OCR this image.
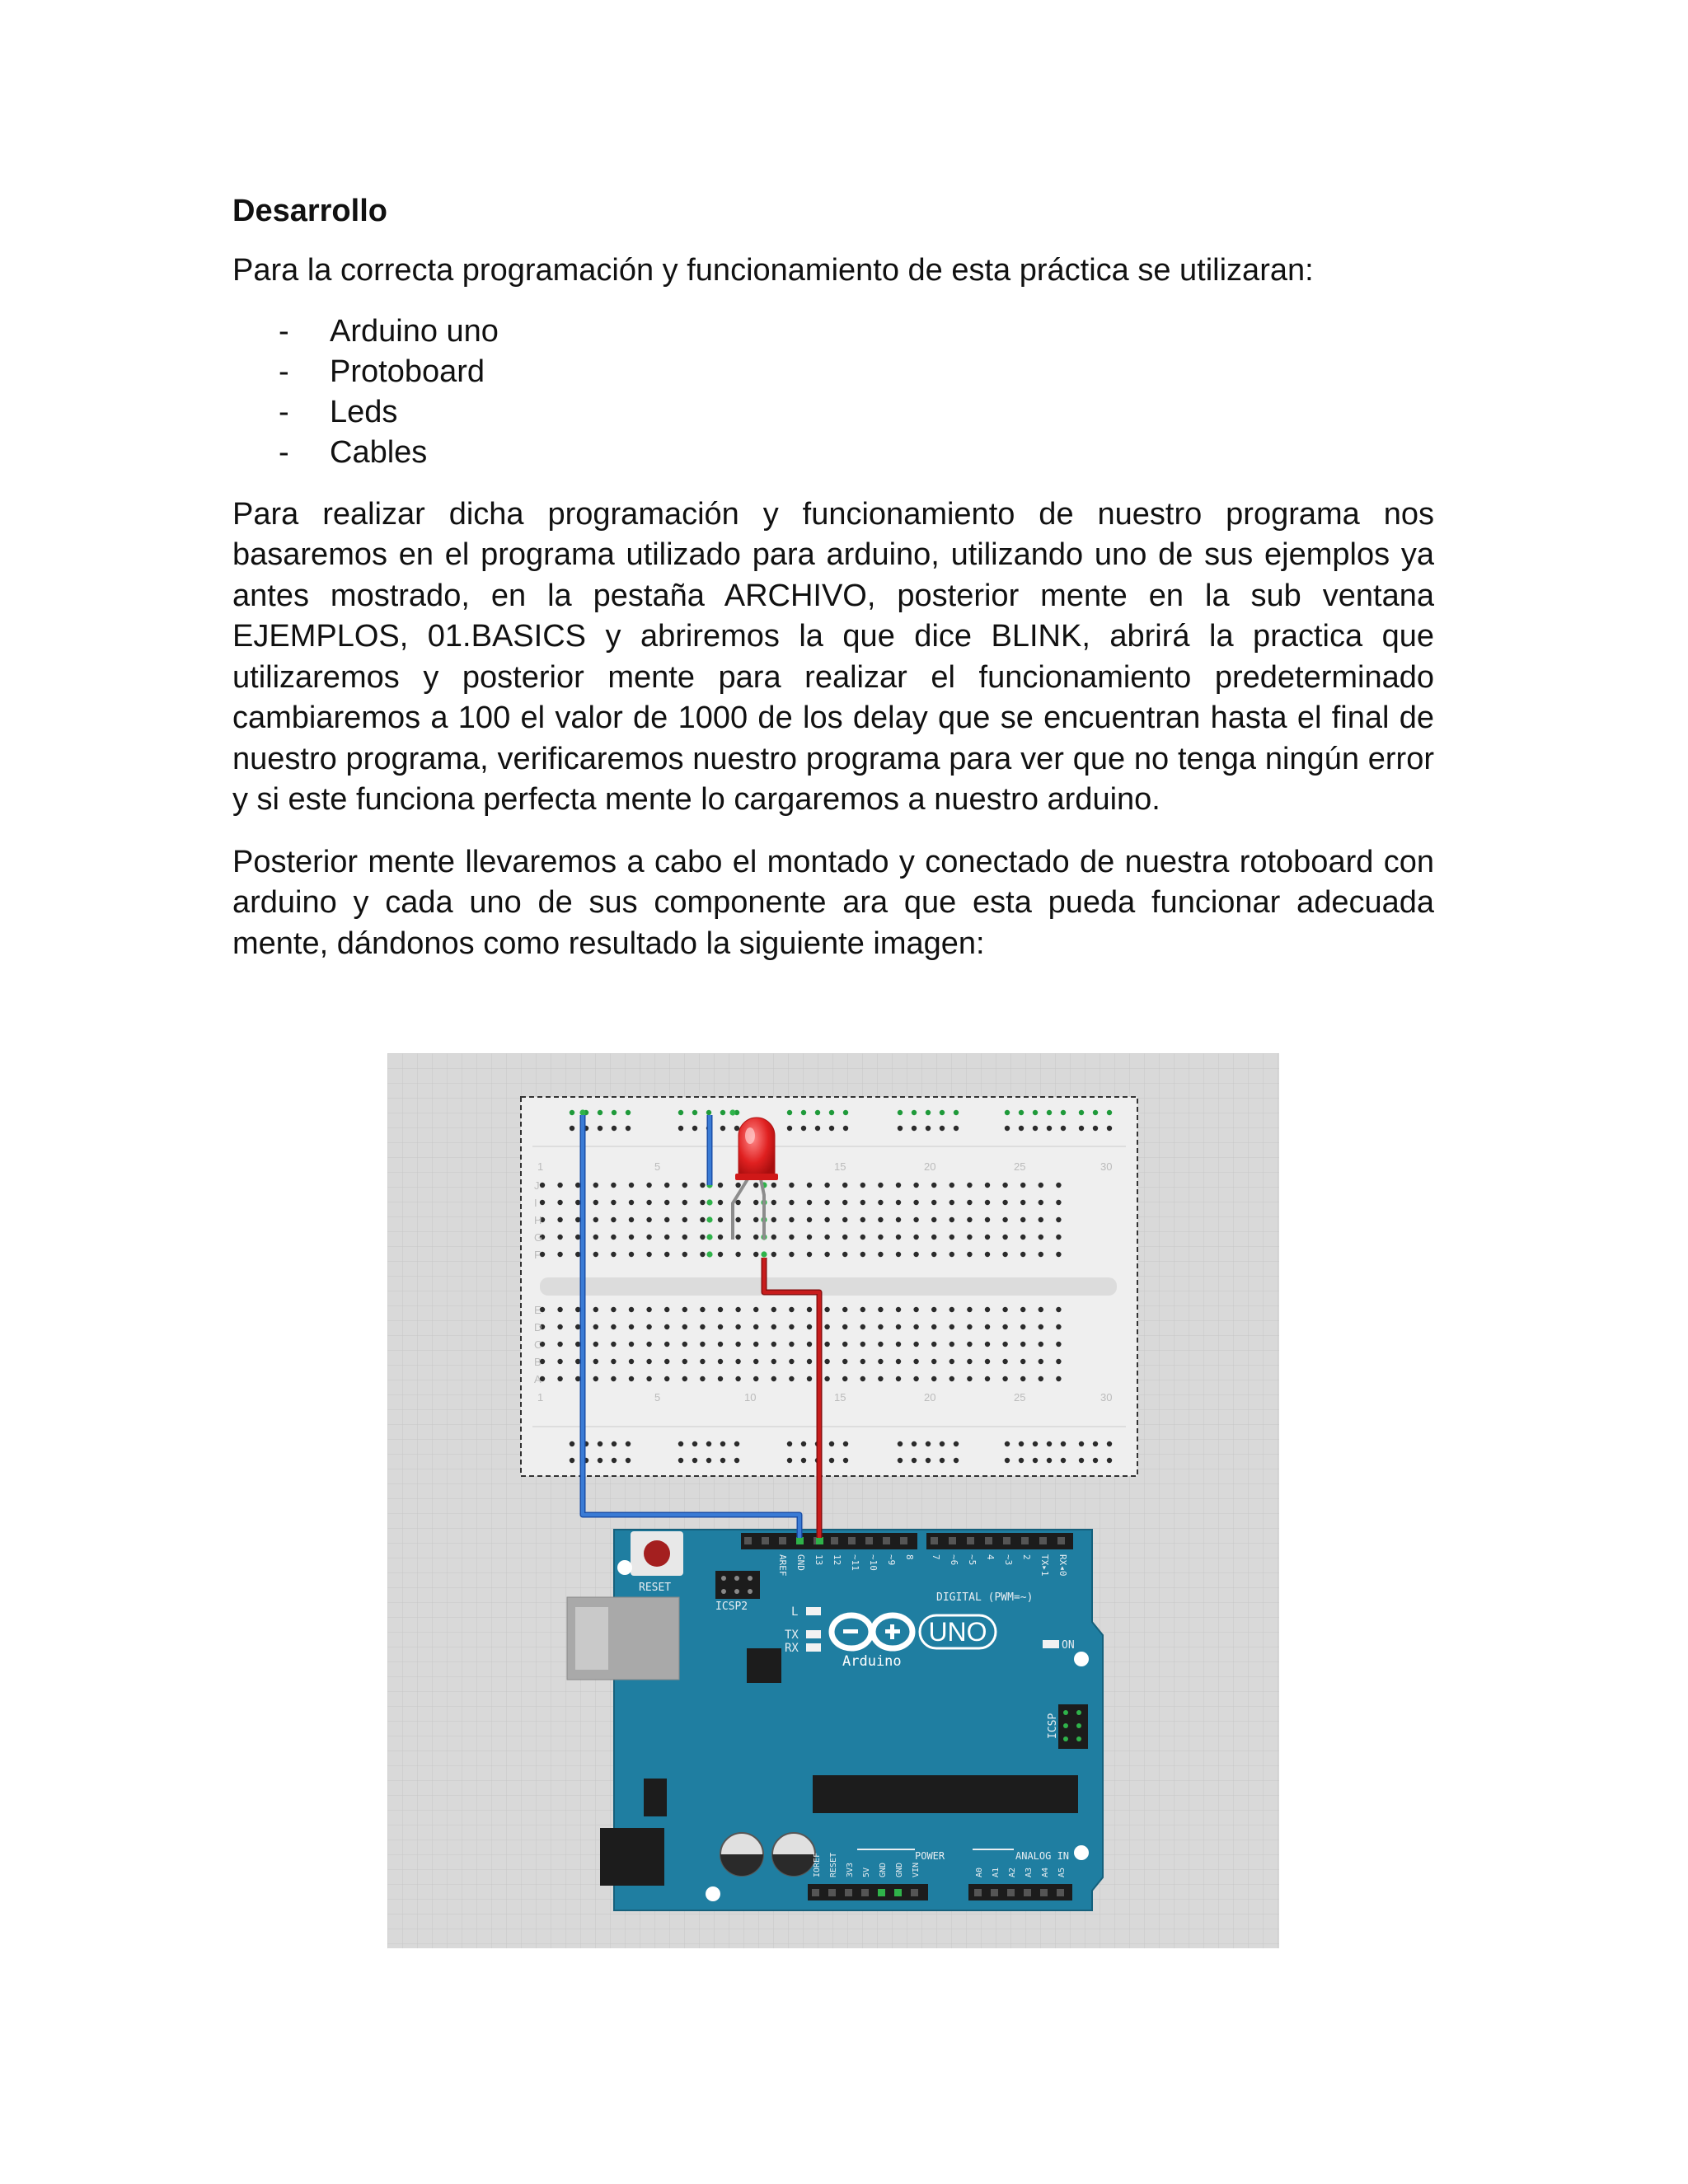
Desarrollo

Para la correcta programación y funcionamiento de esta práctica se utilizaran:

- Arduino uno
- Protoboard
- Leds
- Cables

Para realizar dicha programación y funcionamiento de nuestro programa nos basaremos en el programa utilizado para arduino, utilizando uno de sus ejemplos ya antes mostrado, en la pestaña ARCHIVO, posterior mente en la sub ventana EJEMPLOS, 01.BASICS y abriremos la que dice BLINK, abrirá la practica que utilizaremos y posterior mente para realizar el funcionamiento predeterminado cambiaremos a 100 el valor de 1000 de los delay que se encuentran hasta el final de nuestro programa, verificaremos nuestro programa para ver que no tenga ningún error y si este funciona perfecta mente lo cargaremos a nuestro arduino.

Posterior mente llevaremos a cabo el montado y conectado de nuestra rotoboard con arduino y cada uno de sus componente ara que esta pueda funcionar adecuada mente, dándonos como resultado la siguiente imagen:

1	5	15	20	25	30
1	5	10	15	20	25	30
J
I
H
G
F
E
D
C
B
A
RESET
ICSP2
AREF GND 13 12 ~11 ~10 ~9 8 7 ~6 ~5 4 ~3 2 TX▸1 RX◂0
DIGITAL (PWM=~)
L
TX
RX
UNO
Arduino
ON
ICSP
IOREF RESET 3V3 5V GND GND VIN	A0 A1 A2 A3 A4 A5
POWER	ANALOG IN
